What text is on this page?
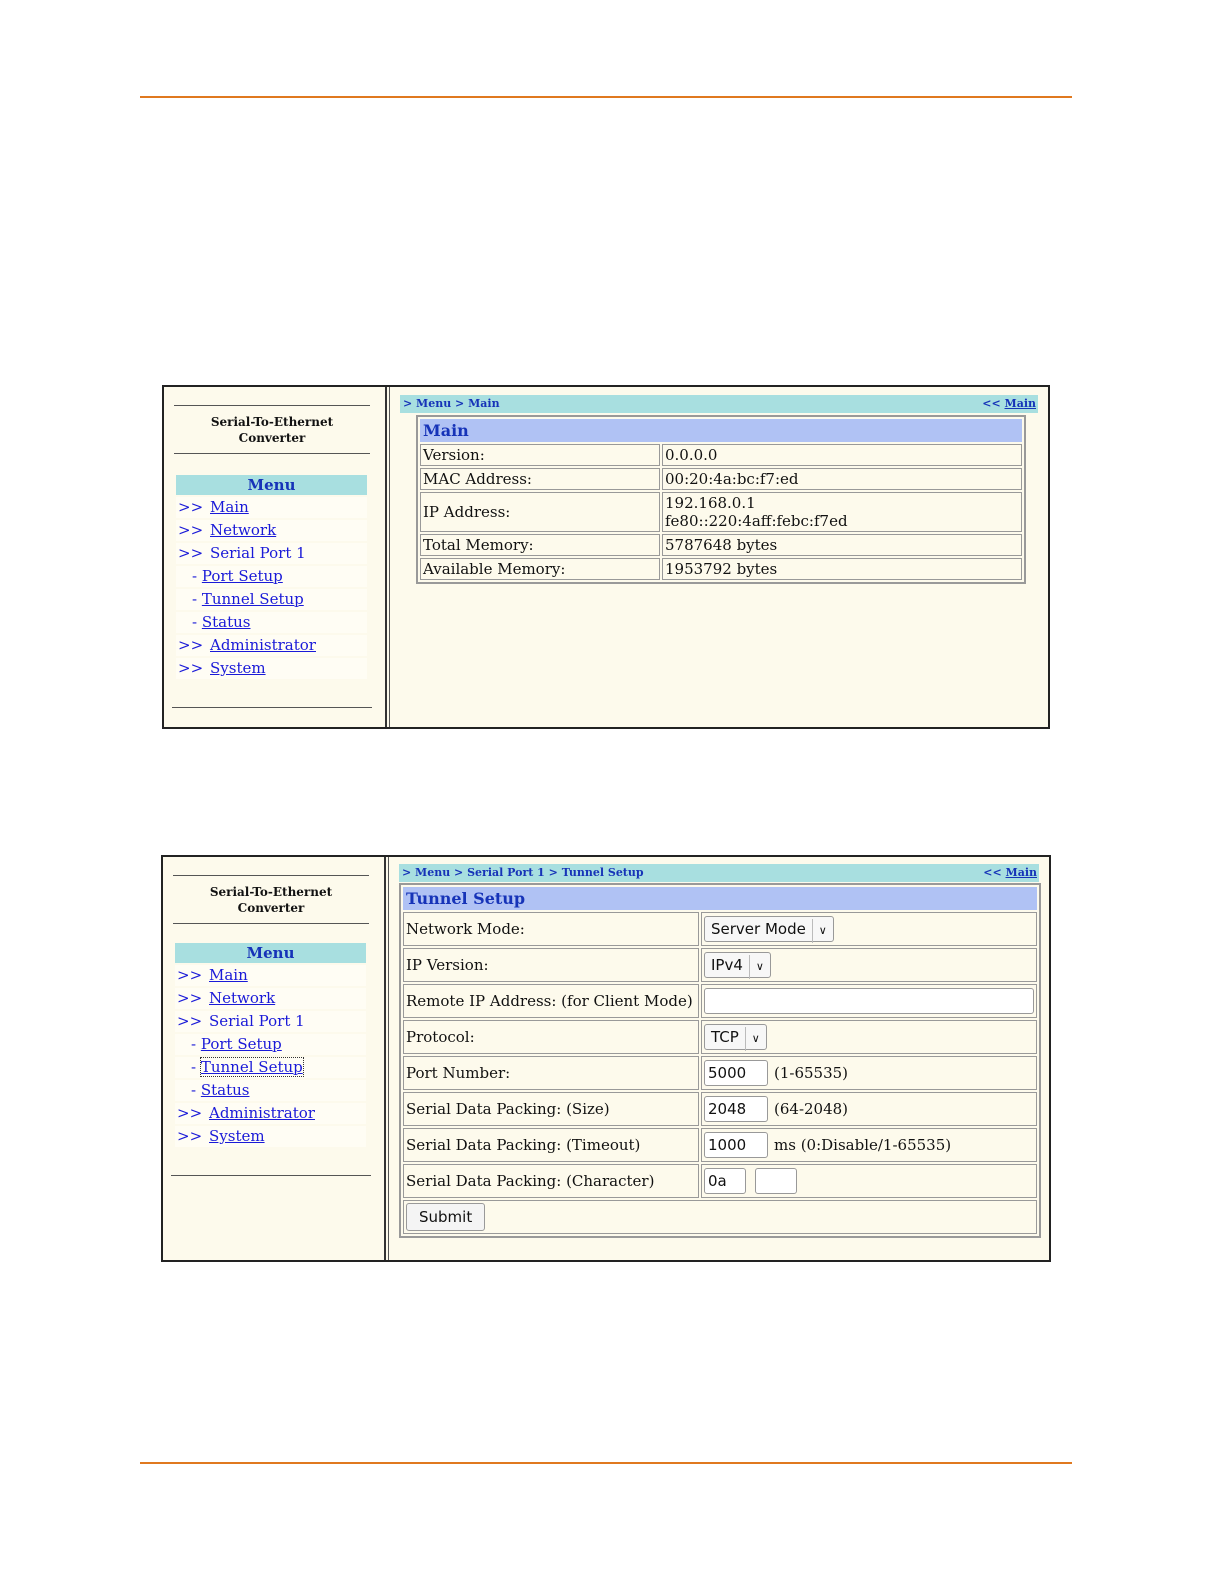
Serial-To-Ethernet
Converter
Menu
>> Main
>> Network
>> Serial Port 1
- Port Setup
- Tunnel Setup
- Status
>> Administrator
>> System
> Menu > Main	<< Main
Main	
Version:	0.0.0.0
MAC Address:	00:20:4a:bc:f7:ed
IP Address:	192.168.0.1
fe80::220:4aff:febc:f7ed

Total Memory:	5787648 bytes
Available Memory:	1953792 bytes
Serial-To-Ethernet
Converter
Menu
>> Main
>> Network
>> Serial Port 1
- Port Setup
- Tunnel Setup
- Status
>> Administrator
>> System
> Menu > Serial Port 1 > Tunnel Setup	<< Main
Tunnel Setup	
Network Mode:	Server Mode ∨
IP Version:	IPv4 ∨
Remote IP Address: (for Client Mode)	
Protocol:	TCP ∨
Port Number:	5000 (1-65535)
Serial Data Packing: (Size)	2048 (64-2048)
Serial Data Packing: (Timeout)	1000 ms (0:Disable/1-65535)
Serial Data Packing: (Character)	0a
Submit	
